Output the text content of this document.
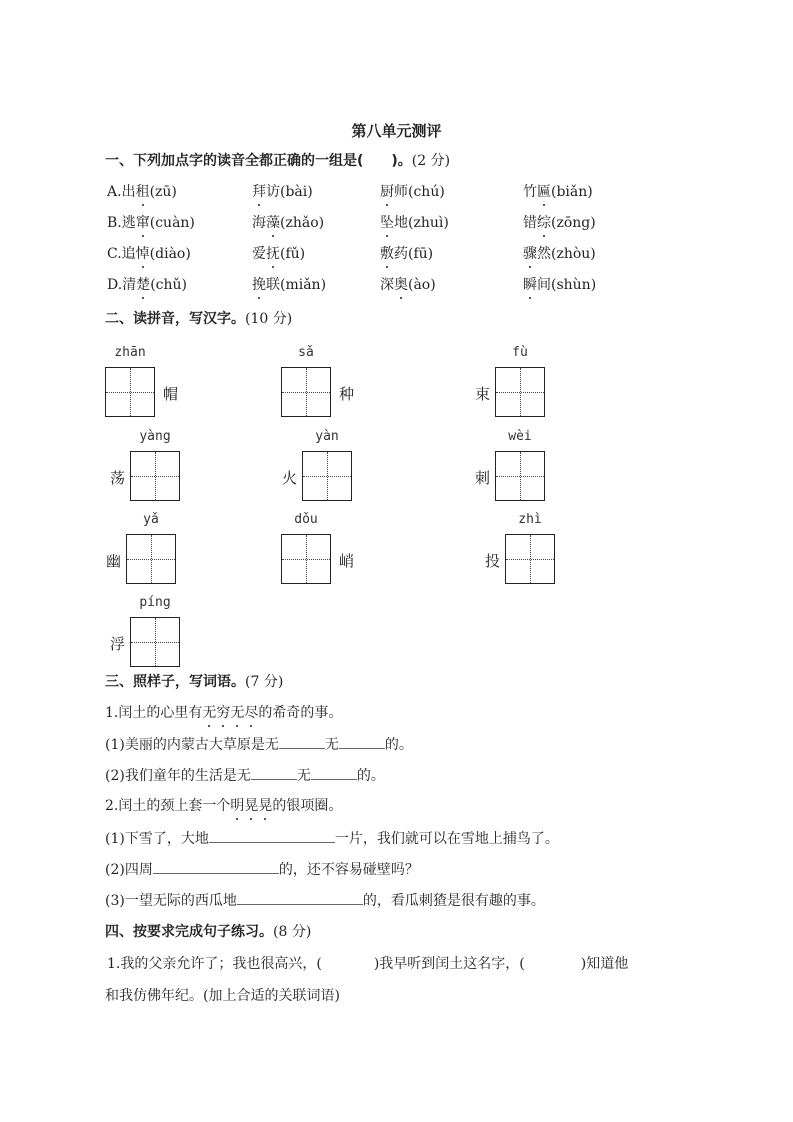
第八单元测评
一、下列加点字的读音全都正确的一组是(　　)。(2 分)
A.出租(zū)	拜访(bài)	厨师(chú)	竹匾(biǎn)
B.逃窜(cuàn)	海藻(zhǎo)	坠地(zhuì)	错综(zōng)
C.追悼(diào)	爱抚(fǔ)	敷药(fū)	骤然(zhòu)
D.清楚(chǔ)	挽联(miǎn)	深奥(ào)	瞬间(shùn)
二、读拼音，写汉字。(10 分)
zhān
帽
sǎ
种
fù
束
yàng
荡
yàn
火
wèi
刺
yǎ
幽
dǒu
峭
zhì
投
píng
浮
三、照样子，写词语。(7 分)
1.闰土的心里有无穷无尽的希奇的事。
(1)美丽的内蒙古大草原是无	无	的。
(2)我们童年的生活是无	无	的。
2.闰土的颈上套一个明晃晃的银项圈。
(1)下雪了，大地	一片，我们就可以在雪地上捕鸟了。
(2)四周	的，还不容易碰壁吗？
(3)一望无际的西瓜地	的，看瓜刺猹是很有趣的事。
四、按要求完成句子练习。(8 分)
1.我的父亲允许了；我也很高兴，(	)我早听到闰土这名字，(	)知道他
和我仿佛年纪。(加上合适的关联词语)
